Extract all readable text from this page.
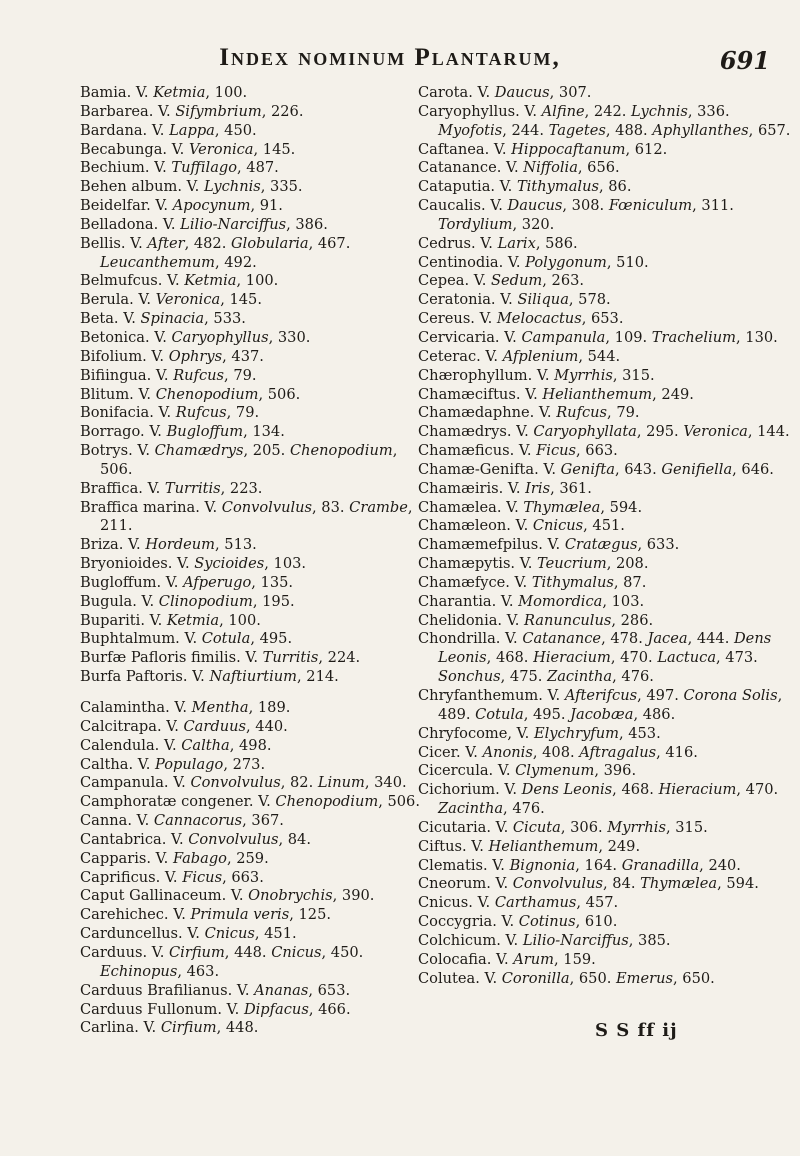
Index nominum Plantarum,	691
Bamia. V. Ketmia, 100.
Barbarea. V. Sifymbrium, 226.
Bardana. V. Lappa, 450.
Becabunga. V. Veronica, 145.
Bechium. V. Tuffilago, 487.
Behen album. V. Lychnis, 335.
Beidelfar. V. Apocynum, 91.
Belladona. V. Lilio-Narciffus, 386.
Bellis. V. After, 482. Globularia, 467. Leucanthemum, 492.
Belmufcus. V. Ketmia, 100.
Berula. V. Veronica, 145.
Beta. V. Spinacia, 533.
Betonica. V. Caryophyllus, 330.
Bifolium. V. Ophrys, 437.
Bifiingua. V. Rufcus, 79.
Blitum. V. Chenopodium, 506.
Bonifacia. V. Rufcus, 79.
Borrago. V. Bugloffum, 134.
Botrys. V. Chamædrys, 205. Chenopodium, 506.
Braffica. V. Turritis, 223.
Braffica marina. V. Convolvulus, 83. Crambe, 211.
Briza. V. Hordeum, 513.
Bryonioides. V. Sycioides, 103.
Bugloffum. V. Afperugo, 135.
Bugula. V. Clinopodium, 195.
Bupariti. V. Ketmia, 100.
Buphtalmum. V. Cotula, 495.
Burfæ Pafloris fimilis. V. Turritis, 224.
Burfa Paftoris. V. Naftiurtium, 214.
Calamintha. V. Mentha, 189.
Calcitrapa. V. Carduus, 440.
Calendula. V. Caltha, 498.
Caltha. V. Populago, 273.
Campanula. V. Convolvulus, 82. Linum, 340.
Camphoratæ congener. V. Chenopodium, 506.
Canna. V. Cannacorus, 367.
Cantabrica. V. Convolvulus, 84.
Capparis. V. Fabago, 259.
Caprificus. V. Ficus, 663.
Caput Gallinaceum. V. Onobrychis, 390.
Carehichec. V. Primula veris, 125.
Carduncellus. V. Cnicus, 451.
Carduus. V. Cirfium, 448. Cnicus, 450. Echinopus, 463.
Carduus Brafilianus. V. Ananas, 653.
Carduus Fullonum. V. Dipfacus, 466.
Carlina. V. Cirfium, 448.
Carota. V. Daucus, 307.
Caryophyllus. V. Alfine, 242. Lychnis, 336. Myofotis, 244. Tagetes, 488. Aphyllanthes, 657.
Caftanea. V. Hippocaftanum, 612.
Catanance. V. Niffolia, 656.
Cataputia. V. Tithymalus, 86.
Caucalis. V. Daucus, 308. Fœniculum, 311. Tordylium, 320.
Cedrus. V. Larix, 586.
Centinodia. V. Polygonum, 510.
Cepea. V. Sedum, 263.
Ceratonia. V. Siliqua, 578.
Cereus. V. Melocactus, 653.
Cervicaria. V. Campanula, 109. Trachelium, 130.
Ceterac. V. Afplenium, 544.
Chærophyllum. V. Myrrhis, 315.
Chamæciftus. V. Helianthemum, 249.
Chamædaphne. V. Rufcus, 79.
Chamædrys. V. Caryophyllata, 295. Veronica, 144.
Chamæficus. V. Ficus, 663.
Chamæ-Genifta. V. Genifta, 643. Genifiella, 646.
Chamæiris. V. Iris, 361.
Chamælea. V. Thymælea, 594.
Chamæleon. V. Cnicus, 451.
Chamæmefpilus. V. Cratægus, 633.
Chamæpytis. V. Teucrium, 208.
Chamæfyce. V. Tithymalus, 87.
Charantia. V. Momordica, 103.
Chelidonia. V. Ranunculus, 286.
Chondrilla. V. Catanance, 478. Jacea, 444. Dens Leonis, 468. Hieracium, 470. Lactuca, 473. Sonchus, 475. Zacintha, 476.
Chryfanthemum. V. Afterifcus, 497. Corona Solis, 489. Cotula, 495. Jacobæa, 486.
Chryfocome, V. Elychryfum, 453.
Cicer. V. Anonis, 408. Aftragalus, 416.
Cicercula. V. Clymenum, 396.
Cichorium. V. Dens Leonis, 468. Hieracium, 470. Zacintha, 476.
Cicutaria. V. Cicuta, 306. Myrrhis, 315.
Ciftus. V. Helianthemum, 249.
Clematis. V. Bignonia, 164. Granadilla, 240.
Cneorum. V. Convolvulus, 84. Thymælea, 594.
Cnicus. V. Carthamus, 457.
Coccygria. V. Cotinus, 610.
Colchicum. V. Lilio-Narciffus, 385.
Colocafia. V. Arum, 159.
Colutea. V. Coronilla, 650. Emerus, 650.
S S ff ij
